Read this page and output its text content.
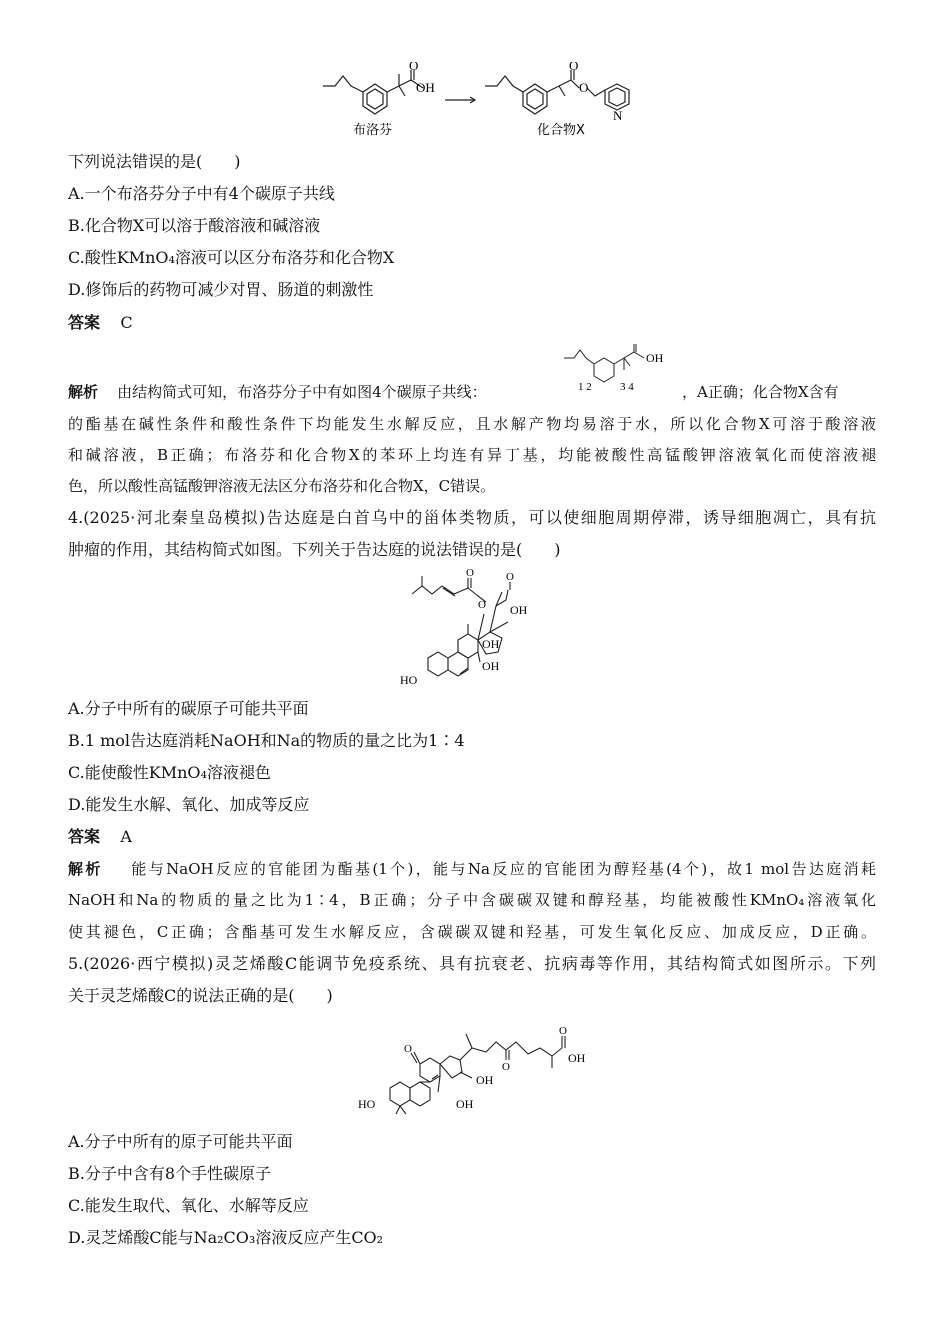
OH
O	O
O
N
布洛芬	化合物X
下列说法错误的是(　　)
A.一个布洛芬分子中有4个碳原子共线
B.化合物X可以溶于酸溶液和碱溶液
C.酸性KMnO₄溶液可以区分布洛芬和化合物X
D.修饰后的药物可减少对胃、肠道的刺激性
答案 C
解析 由结构简式可知，布洛芬分子中有如图4个碳原子共线：
OH
1 2	3 4	，A正确；化合物X含有
的酯基在碱性条件和酸性条件下均能发生水解反应，且水解产物均易溶于水，所以化合物X可溶于酸溶液
和碱溶液，B正确；布洛芬和化合物X的苯环上均连有异丁基，均能被酸性高锰酸钾溶液氧化而使溶液褪
色，所以酸性高锰酸钾溶液无法区分布洛芬和化合物X，C错误。
4.(2025·河北秦皇岛模拟)告达庭是白首乌中的甾体类物质，可以使细胞周期停滞，诱导细胞凋亡，具有抗
肿瘤的作用，其结构简式如图。下列关于告达庭的说法错误的是(　　)
HO
OH
OH
OH
O
O
O
A.分子中所有的碳原子可能共平面
B.1 mol告达庭消耗NaOH和Na的物质的量之比为1∶4
C.能使酸性KMnO₄溶液褪色
D.能发生水解、氧化、加成等反应
答案 A
解析 能与NaOH反应的官能团为酯基(1个)，能与Na反应的官能团为醇羟基(4个)，故1 mol告达庭消耗
NaOH和Na的物质的量之比为1∶4，B正确；分子中含碳碳双键和醇羟基，均能被酸性KMnO₄溶液氧化
使其褪色，C正确；含酯基可发生水解反应，含碳碳双键和羟基，可发生氧化反应、加成反应，D正确。
5.(2026·西宁模拟)灵芝烯酸C能调节免疫系统、具有抗衰老、抗病毒等作用，其结构简式如图所示。下列
关于灵芝烯酸C的说法正确的是(　　)
HO	OH
OH
OH
O
O
O
A.分子中所有的原子可能共平面
B.分子中含有8个手性碳原子
C.能发生取代、氧化、水解等反应
D.灵芝烯酸C能与Na₂CO₃溶液反应产生CO₂
